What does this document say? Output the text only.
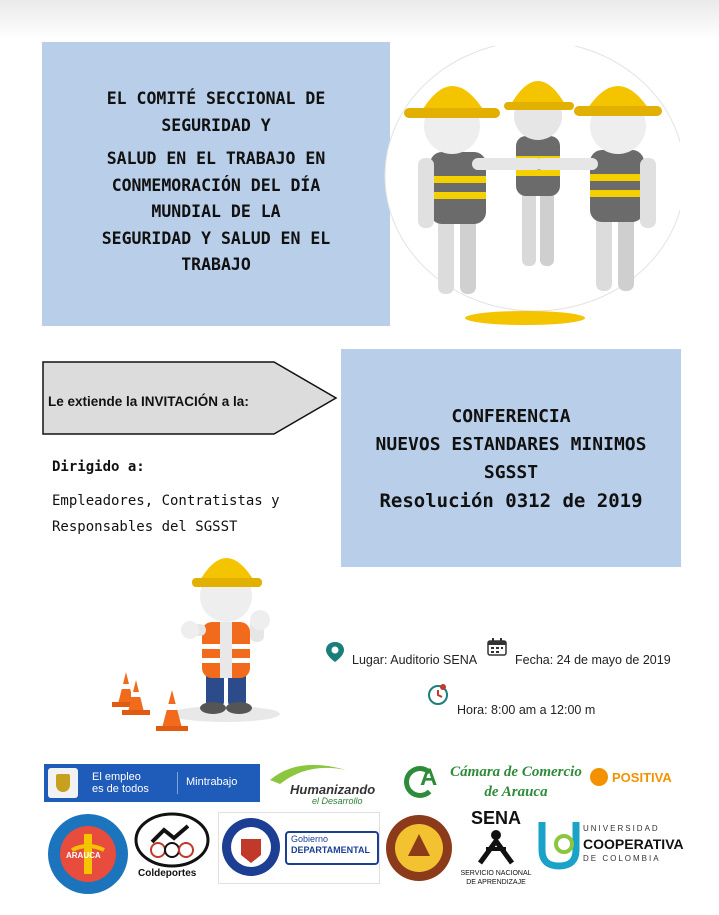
EL COMITÉ SECCIONAL DE
SEGURIDAD Y
SALUD EN EL TRABAJO EN
CONMEMORACIÓN DEL DÍA
MUNDIAL DE LA
SEGURIDAD Y SALUD EN EL
TRABAJO
Le extiende la INVITACIÓN a la:
Dirigido a:
Empleadores, Contratistas y
Responsables del SGSST
CONFERENCIA
NUEVOS ESTANDARES MINIMOS
SGSST
Resolución 0312 de 2019
Lugar: Auditorio SENA	Fecha: 24 de mayo de 2019
Hora: 8:00 am a 12:00 m
El empleo
es de todos
Mintrabajo	Humanizando
el Desarrollo
A Cámara de Comercio
de Arauca
POSITIVA
ARAUCA
Coldeportes
Gobierno
DEPARTAMENTAL
SENA
SERVICIO NACIONAL
DE APRENDIZAJE
UNIVERSIDAD
COOPERATIVA
DE COLOMBIA
